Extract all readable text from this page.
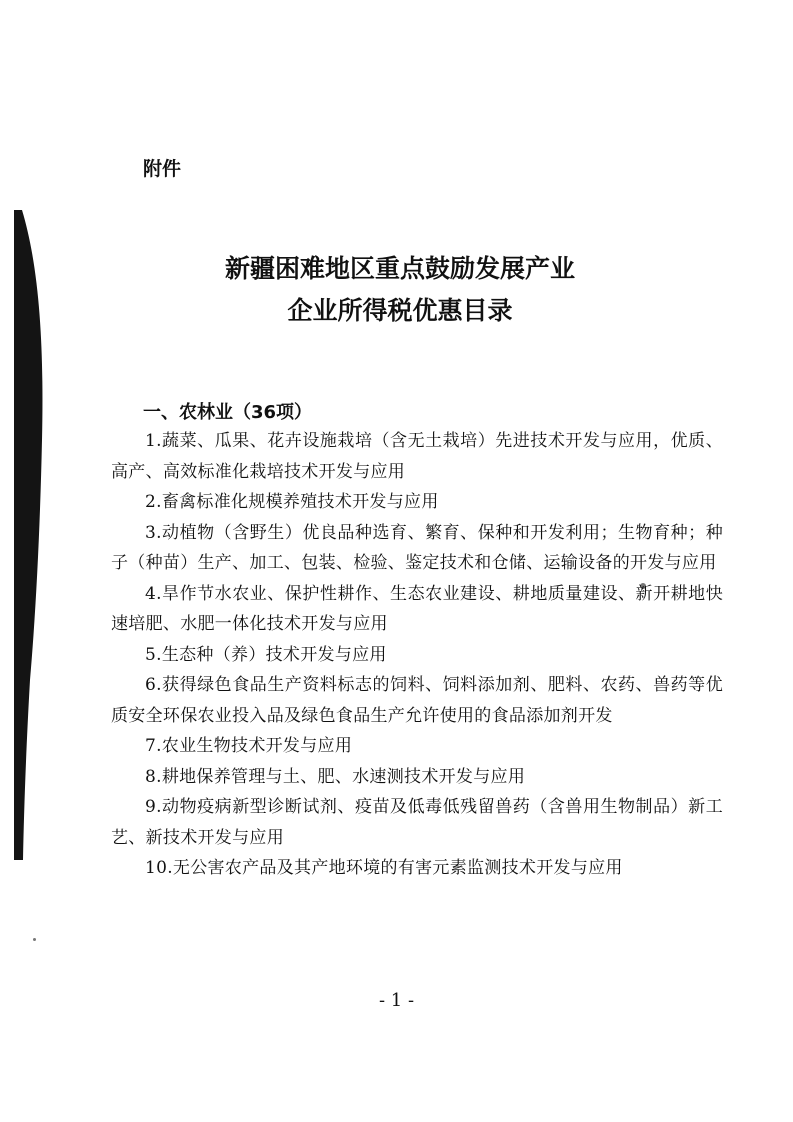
附件

新疆困难地区重点鼓励发展产业
企业所得税优惠目录
一、农林业（36项）
1.蔬菜、瓜果、花卉设施栽培（含无土栽培）先进技术开发与应用，优质、高产、高效标准化栽培技术开发与应用
2.畜禽标准化规模养殖技术开发与应用
3.动植物（含野生）优良品种选育、繁育、保种和开发利用；生物育种；种子（种苗）生产、加工、包装、检验、鉴定技术和仓储、运输设备的开发与应用
4.旱作节水农业、保护性耕作、生态农业建设、耕地质量建设、新开耕地快速培肥、水肥一体化技术开发与应用
5.生态种（养）技术开发与应用
6.获得绿色食品生产资料标志的饲料、饲料添加剂、肥料、农药、兽药等优质安全环保农业投入品及绿色食品生产允许使用的食品添加剂开发
7.农业生物技术开发与应用
8.耕地保养管理与土、肥、水速测技术开发与应用
9.动物疫病新型诊断试剂、疫苗及低毒低残留兽药（含兽用生物制品）新工艺、新技术开发与应用
10.无公害农产品及其产地环境的有害元素监测技术开发与应用

- 1 -
